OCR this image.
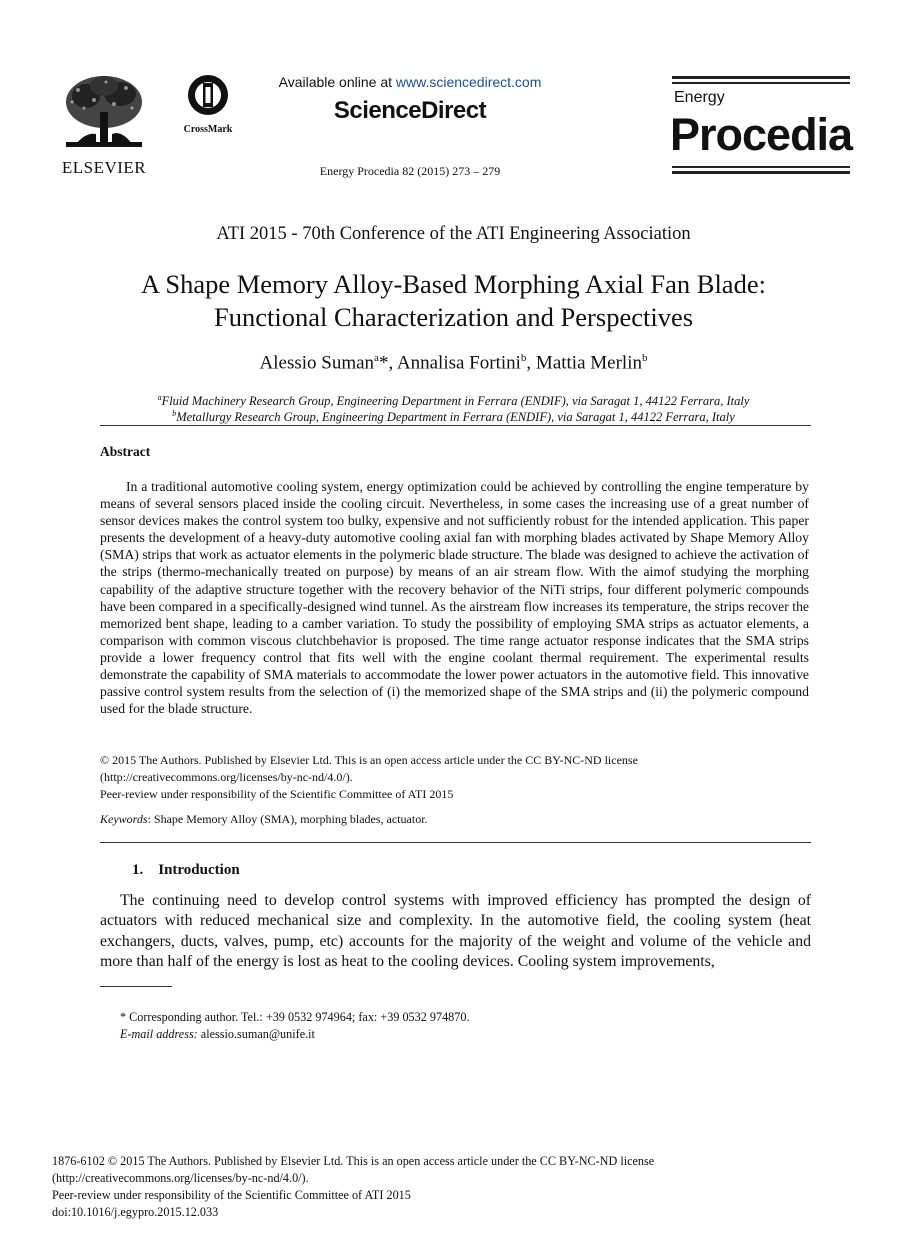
ELSEVIER
CrossMark
Available online at www.sciencedirect.com
ScienceDirect
Energy Procedia 82 (2015) 273 – 279
Energy
Procedia
ATI 2015 - 70th Conference of the ATI Engineering Association
A Shape Memory Alloy-Based Morphing Axial Fan Blade:
Functional Characterization and Perspectives
Alessio Suman$^a$*, Annalisa Fortini$^b$, Mattia Merlin$^b$
$^a$Fluid Machinery Research Group, Engineering Department in Ferrara (ENDIF), via Saragat 1, 44122 Ferrara, Italy
$^b$Metallurgy Research Group, Engineering Department in Ferrara (ENDIF), via Saragat 1, 44122 Ferrara, Italy
Abstract
In a traditional automotive cooling system, energy optimization could be achieved by controlling the engine temperature by means of several sensors placed inside the cooling circuit. Nevertheless, in some cases the increasing use of a great number of sensor devices makes the control system too bulky, expensive and not sufficiently robust for the intended application. This paper presents the development of a heavy-duty automotive cooling axial fan with morphing blades activated by Shape Memory Alloy (SMA) strips that work as actuator elements in the polymeric blade structure. The blade was designed to achieve the activation of the strips (thermo-mechanically treated on purpose) by means of an air stream flow. With the aimof studying the morphing capability of the adaptive structure together with the recovery behavior of the NiTi strips, four different polymeric compounds have been compared in a specifically-designed wind tunnel. As the airstream flow increases its temperature, the strips recover the memorized bent shape, leading to a camber variation. To study the possibility of employing SMA strips as actuator elements, a comparison with common viscous clutchbehavior is proposed. The time range actuator response indicates that the SMA strips provide a lower frequency control that fits well with the engine coolant thermal requirement. The experimental results demonstrate the capability of SMA materials to accommodate the lower power actuators in the automotive field. This innovative passive control system results from the selection of (i) the memorized shape of the SMA strips and (ii) the polymeric compound used for the blade structure.
© 2015 The Authors. Published by Elsevier Ltd. This is an open access article under the CC BY-NC-ND license
(http://creativecommons.org/licenses/by-nc-nd/4.0/).
Peer-review under responsibility of the Scientific Committee of ATI 2015
Keywords: Shape Memory Alloy (SMA), morphing blades, actuator.
1. Introduction
The continuing need to develop control systems with improved efficiency has prompted the design of actuators with reduced mechanical size and complexity. In the automotive field, the cooling system (heat exchangers, ducts, valves, pump, etc) accounts for the majority of the weight and volume of the vehicle and more than half of the energy is lost as heat to the cooling devices. Cooling system improvements,
* Corresponding author. Tel.: +39 0532 974964; fax: +39 0532 974870.
E-mail address: alessio.suman@unife.it
1876-6102 © 2015 The Authors. Published by Elsevier Ltd. This is an open access article under the CC BY-NC-ND license
(http://creativecommons.org/licenses/by-nc-nd/4.0/).
Peer-review under responsibility of the Scientific Committee of ATI 2015
doi:10.1016/j.egypro.2015.12.033
